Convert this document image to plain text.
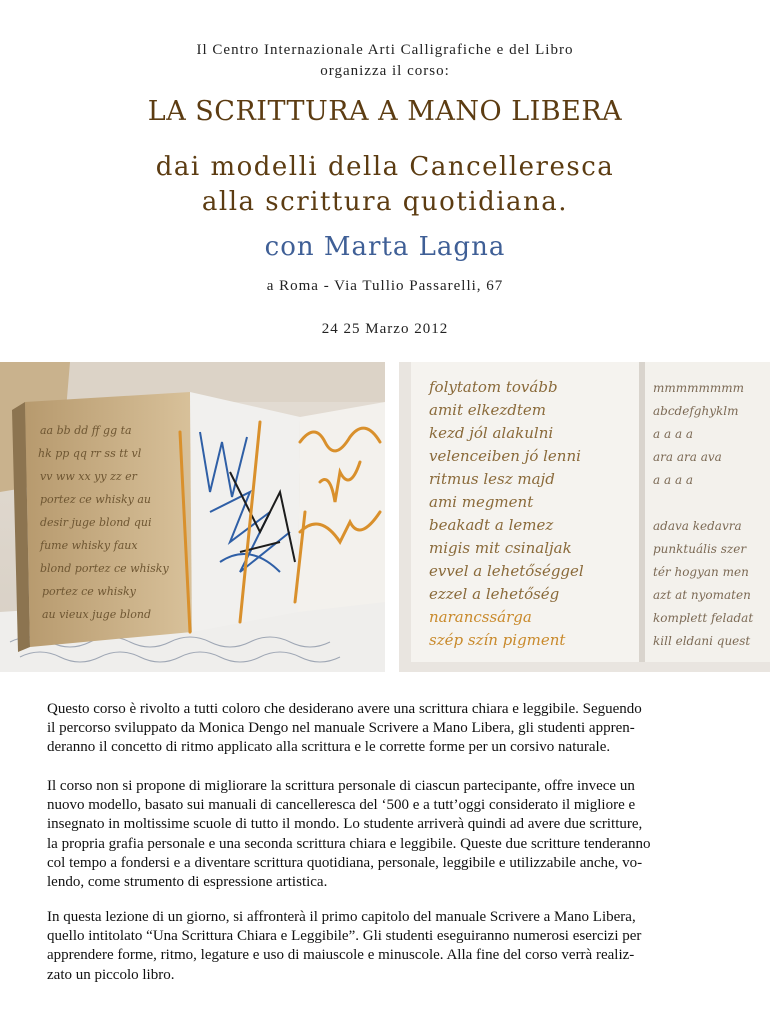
Il Centro Internazionale Arti Calligrafiche e del Libro
organizza il corso:
LA SCRITTURA A MANO LIBERA
dai modelli della Cancelleresca
alla scrittura quotidiana.
con Marta Lagna
a Roma - Via Tullio Passarelli, 67
24 25 Marzo 2012
aa bb dd ff gg ta
hk pp qq rr ss tt vl
vv ww xx yy zz er
portez ce whisky au
desir juge blond qui
fume whisky faux
blond portez ce whisky
portez ce whisky
au vieux juge blond
folytatom tovább
amit elkezdtem
kezd jól alakulni
velenceiben jó lenni
ritmus lesz majd
ami megment
beakadt a lemez
migis mit csinaljak
evvel a lehetőséggel
ezzel a lehetőség
narancssárga
szép szín pigment
mmmmmmmm
abcdefghyklm
a a a a
ara ara ava
a a a a
adava kedavra
punktuális szer
tér hogyan men
azt at nyomaten
komplett feladat
kill eldani quest

Questo corso è rivolto a tutti coloro che desiderano avere una scrittura chiara e leggibile. Seguendo
il percorso sviluppato da Monica Dengo nel manuale Scrivere a Mano Libera, gli studenti appren-
deranno il concetto di ritmo applicato alla scrittura e le corrette forme per un corsivo naturale.

Il corso non si propone di migliorare la scrittura personale di ciascun partecipante, offre invece un
nuovo modello, basato sui manuali di cancelleresca del ‘500 e a tutt’oggi considerato il migliore e
insegnato in moltissime scuole di tutto il mondo. Lo studente arriverà quindi ad avere due scritture,
la propria grafia personale e una seconda scrittura chiara e leggibile. Queste due scritture tenderanno
col tempo a fondersi e a diventare scrittura quotidiana, personale, leggibile e utilizzabile anche, vo-
lendo, come strumento di espressione artistica.

In questa lezione di un giorno, si affronterà il primo capitolo del manuale Scrivere a Mano Libera,
quello intitolato “Una Scrittura Chiara e Leggibile”. Gli studenti eseguiranno numerosi esercizi per
apprendere forme, ritmo, legature e uso di maiuscole e minuscole. Alla fine del corso verrà realiz-
zato un piccolo libro.
